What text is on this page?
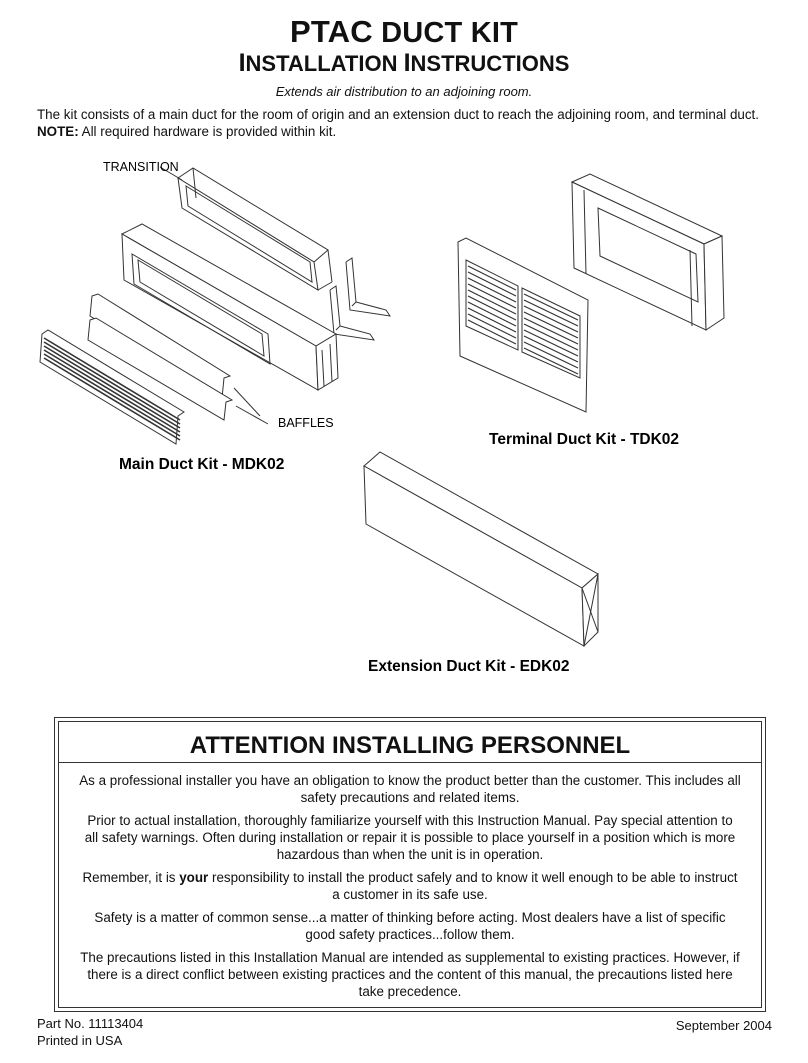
PTAC DUCT KIT
INSTALLATION INSTRUCTIONS
Extends air distribution to an adjoining room.
The kit consists of a main duct for the room of origin and an extension duct to reach the adjoining room, and terminal duct. NOTE: All required hardware is provided within kit.
TRANSITION
BAFFLES
Main Duct Kit - MDK02
Terminal Duct Kit - TDK02
Extension Duct Kit - EDK02
ATTENTION INSTALLING PERSONNEL

As a professional installer you have an obligation to know the product better than the customer. This includes all safety precautions and related items.

Prior to actual installation, thoroughly familiarize yourself with this Instruction Manual. Pay special attention to all safety warnings. Often during installation or repair it is possible to place yourself in a position which is more hazardous than when the unit is in operation.

Remember, it is your responsibility to install the product safely and to know it well enough to be able to instruct a customer in its safe use.

Safety is a matter of common sense...a matter of thinking before acting. Most dealers have a list of specific good safety practices...follow them.

The precautions listed in this Installation Manual are intended as supplemental to existing practices. However, if there is a direct conflict between existing practices and the content of this manual, the precautions listed here take precedence.

Part No. 11113404
Printed in USA
September 2004
